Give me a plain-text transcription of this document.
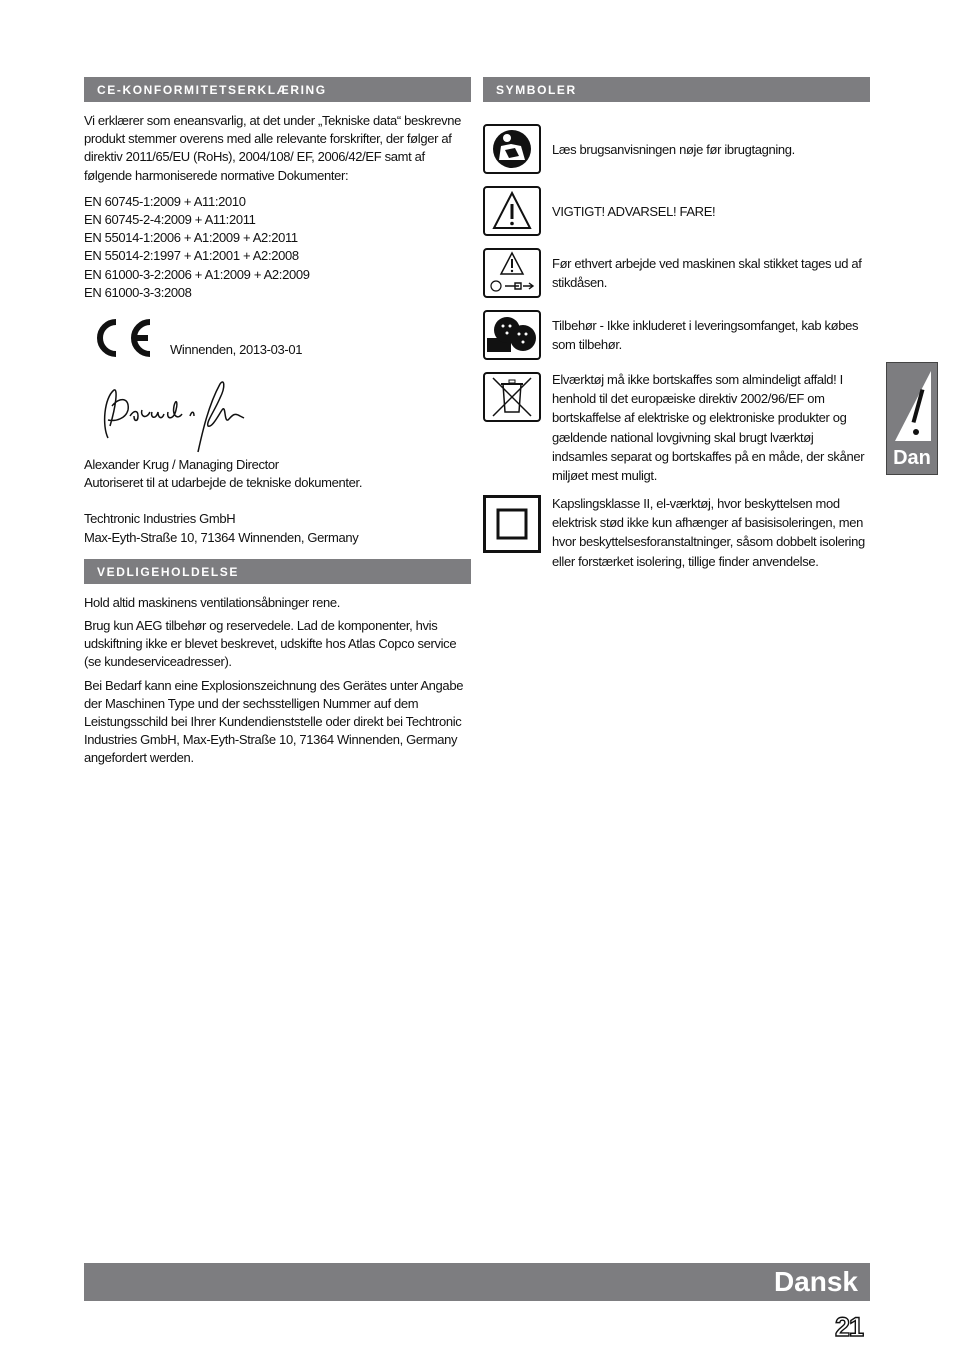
CE-KONFORMITETSERKLÆRING

Vi erklærer som eneansvarlig, at det under „Tekniske data“ beskrevne produkt stemmer overens med alle relevante forskrifter, der følger af direktiv 2011/65/EU (RoHs), 2004/108/ EF, 2006/42/EF samt af følgende harmoniserede normative Dokumenter:

EN 60745-1:2009 + A11:2010
EN 60745-2-4:2009 + A11:2011
EN 55014-1:2006 + A1:2009 + A2:2011
EN 55014-2:1997 + A1:2001 + A2:2008
EN 61000-3-2:2006 + A1:2009 + A2:2009
EN 61000-3-3:2008
Winnenden, 2013-03-01
Alexander Krug / Managing Director
Autoriseret til at udarbejde de tekniske dokumenter.
Techtronic Industries GmbH
Max-Eyth-Straße 10, 71364 Winnenden, Germany
VEDLIGEHOLDELSE

Hold altid maskinens ventilationsåbninger rene.

Brug kun AEG tilbehør og reservedele. Lad de komponenter, hvis udskiftning ikke er blevet beskrevet, udskifte hos Atlas Copco service (se kundeserviceadresser).

Bei Bedarf kann eine Explosionszeichnung des Gerätes unter Angabe der Maschinen Type und der sechsstelligen Nummer auf dem Leistungsschild bei Ihrer Kundendienststelle oder direkt bei Techtronic Industries GmbH, Max-Eyth-Straße 10, 71364 Winnenden, Germany angefordert werden.

SYMBOLER
Læs brugsanvisningen nøje før ibrugtagning.
VIGTIGT! ADVARSEL! FARE!
Før ethvert arbejde ved maskinen skal stikket tages ud af stikdåsen.
Tilbehør - Ikke inkluderet i leveringsomfanget, kab købes som tilbehør.
Elværktøj må ikke bortskaffes som almindeligt affald! I henhold til det europæiske direktiv 2002/96/EF om bortskaffelse af elektriske og elektroniske produkter og gældende national lovgivning skal brugt lværktøj indsamles separat og bortskaffes på en måde, der skåner miljøet mest muligt.
Kapslingsklasse II, el-værktøj, hvor beskyttelsen mod elektrisk stød ikke kun afhænger af basisisoleringen, men hvor beskyttelsesforanstaltninger, såsom dobbelt isolering eller forstærket isolering, tillige finder anvendelse.
Dan
Dansk
21
